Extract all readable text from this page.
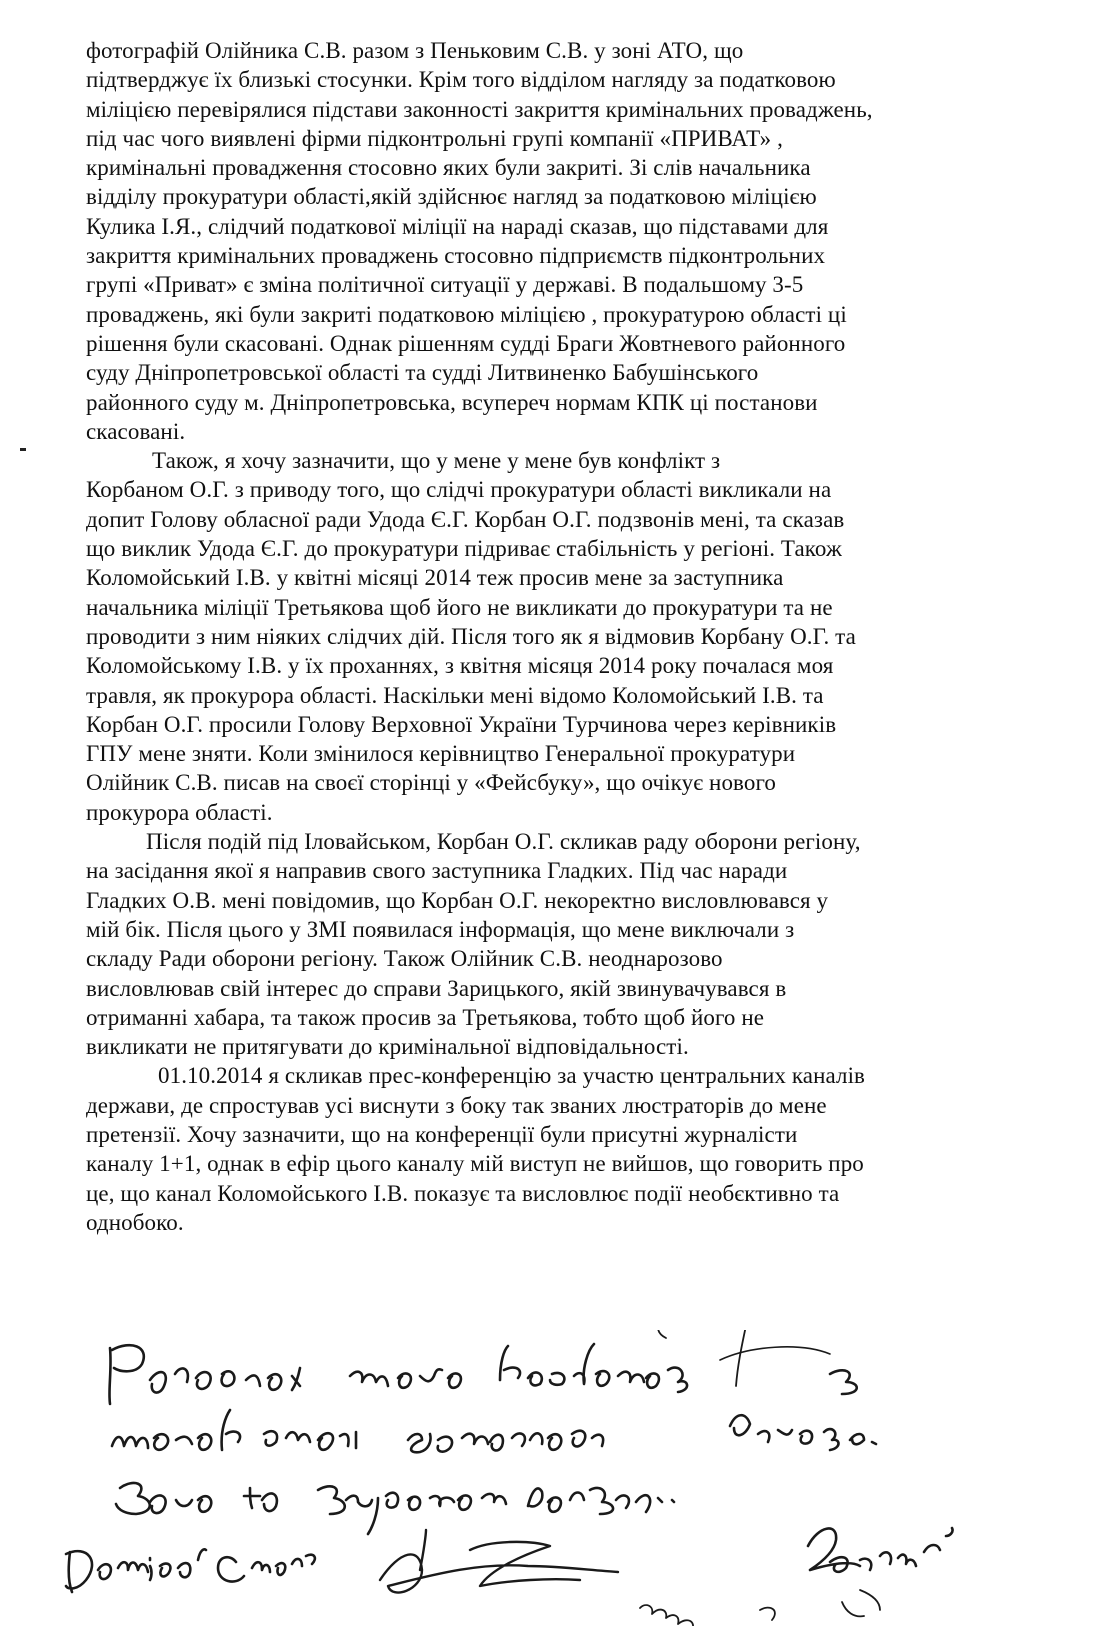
фотографій Олійника С.В. разом з Пеньковим С.В. у зоні АТО, що
підтверджує їх близькі стосунки. Крім того відділом нагляду за податковою
міліцією перевірялися підстави законності закриття кримінальних проваджень,
під час чого виявлені фірми підконтрольні групі компанії «ПРИВАТ» ,
кримінальні провадження стосовно яких були закриті. Зі слів начальника
відділу прокуратури області,якій здійснює нагляд за податковою міліцією
Кулика І.Я., слідчий податкової міліції на нараді сказав, що підставами для
закриття кримінальних проваджень стосовно підприємств підконтрольних
групі «Приват» є зміна політичної ситуації у державі. В подальшому 3-5
проваджень, які були закриті податковою міліцією , прокуратурою області ці
рішення були скасовані. Однак рішенням судді Браги Жовтневого районного
суду Дніпропетровської області та судді Литвиненко Бабушінського
районного суду м. Дніпропетровська, всупереч нормам КПК ці постанови
скасовані.

Також, я хочу зазначити, що у мене у мене був конфлікт з
Корбаном О.Г. з приводу того, що слідчі прокуратури області викликали на
допит Голову обласної ради Удода Є.Г. Корбан О.Г. подзвонів мені, та сказав
що виклик Удода Є.Г. до прокуратури підриває стабільність у регіоні. Також
Коломойський І.В. у квітні місяці 2014 теж просив мене за заступника
начальника міліції Третьякова щоб його не викликати до прокуратури та не
проводити з ним ніяких слідчих дій. Після того як я відмовив Корбану О.Г. та
Коломойському І.В. у їх проханнях, з квітня місяця 2014 року почалася моя
травля, як прокурора області. Наскільки мені відомо Коломойський І.В. та
Корбан О.Г. просили Голову Верховної України Турчинова через керівників
ГПУ мене зняти. Коли змінилося керівництво Генеральної прокуратури
Олійник С.В. писав на своєї сторінці у «Фейсбуку», що очікує нового
прокурора області.

Після подій під Іловайськом, Корбан О.Г. скликав раду оборони регіону,
на засідання якої я направив свого заступника Гладких. Під час наради
Гладких О.В. мені повідомив, що Корбан О.Г. некоректно висловлювався у
мій бік. Після цього у ЗМІ появилася інформація, що мене виключали з
складу Ради оборони регіону. Також Олійник С.В. неоднарозово
висловлював свій інтерес до справи Зарицького, якій звинувачувався в
отриманні хабара, та також просив за Третьякова, тобто щоб його не
викликати не притягувати до кримінальної відповідальності.

01.10.2014 я скликав прес-конференцію за участю центральних каналів
держави, де спростував усі виснути з боку так званих люстраторів до мене
претензії. Хочу зазначити, що на конференції були присутні журналісти
каналу 1+1, однак в ефір цього каналу мій виступ не вийшов, що говорить про
це, що канал Коломойського І.В. показує та висловлює події необєктивно та
однобоко.
